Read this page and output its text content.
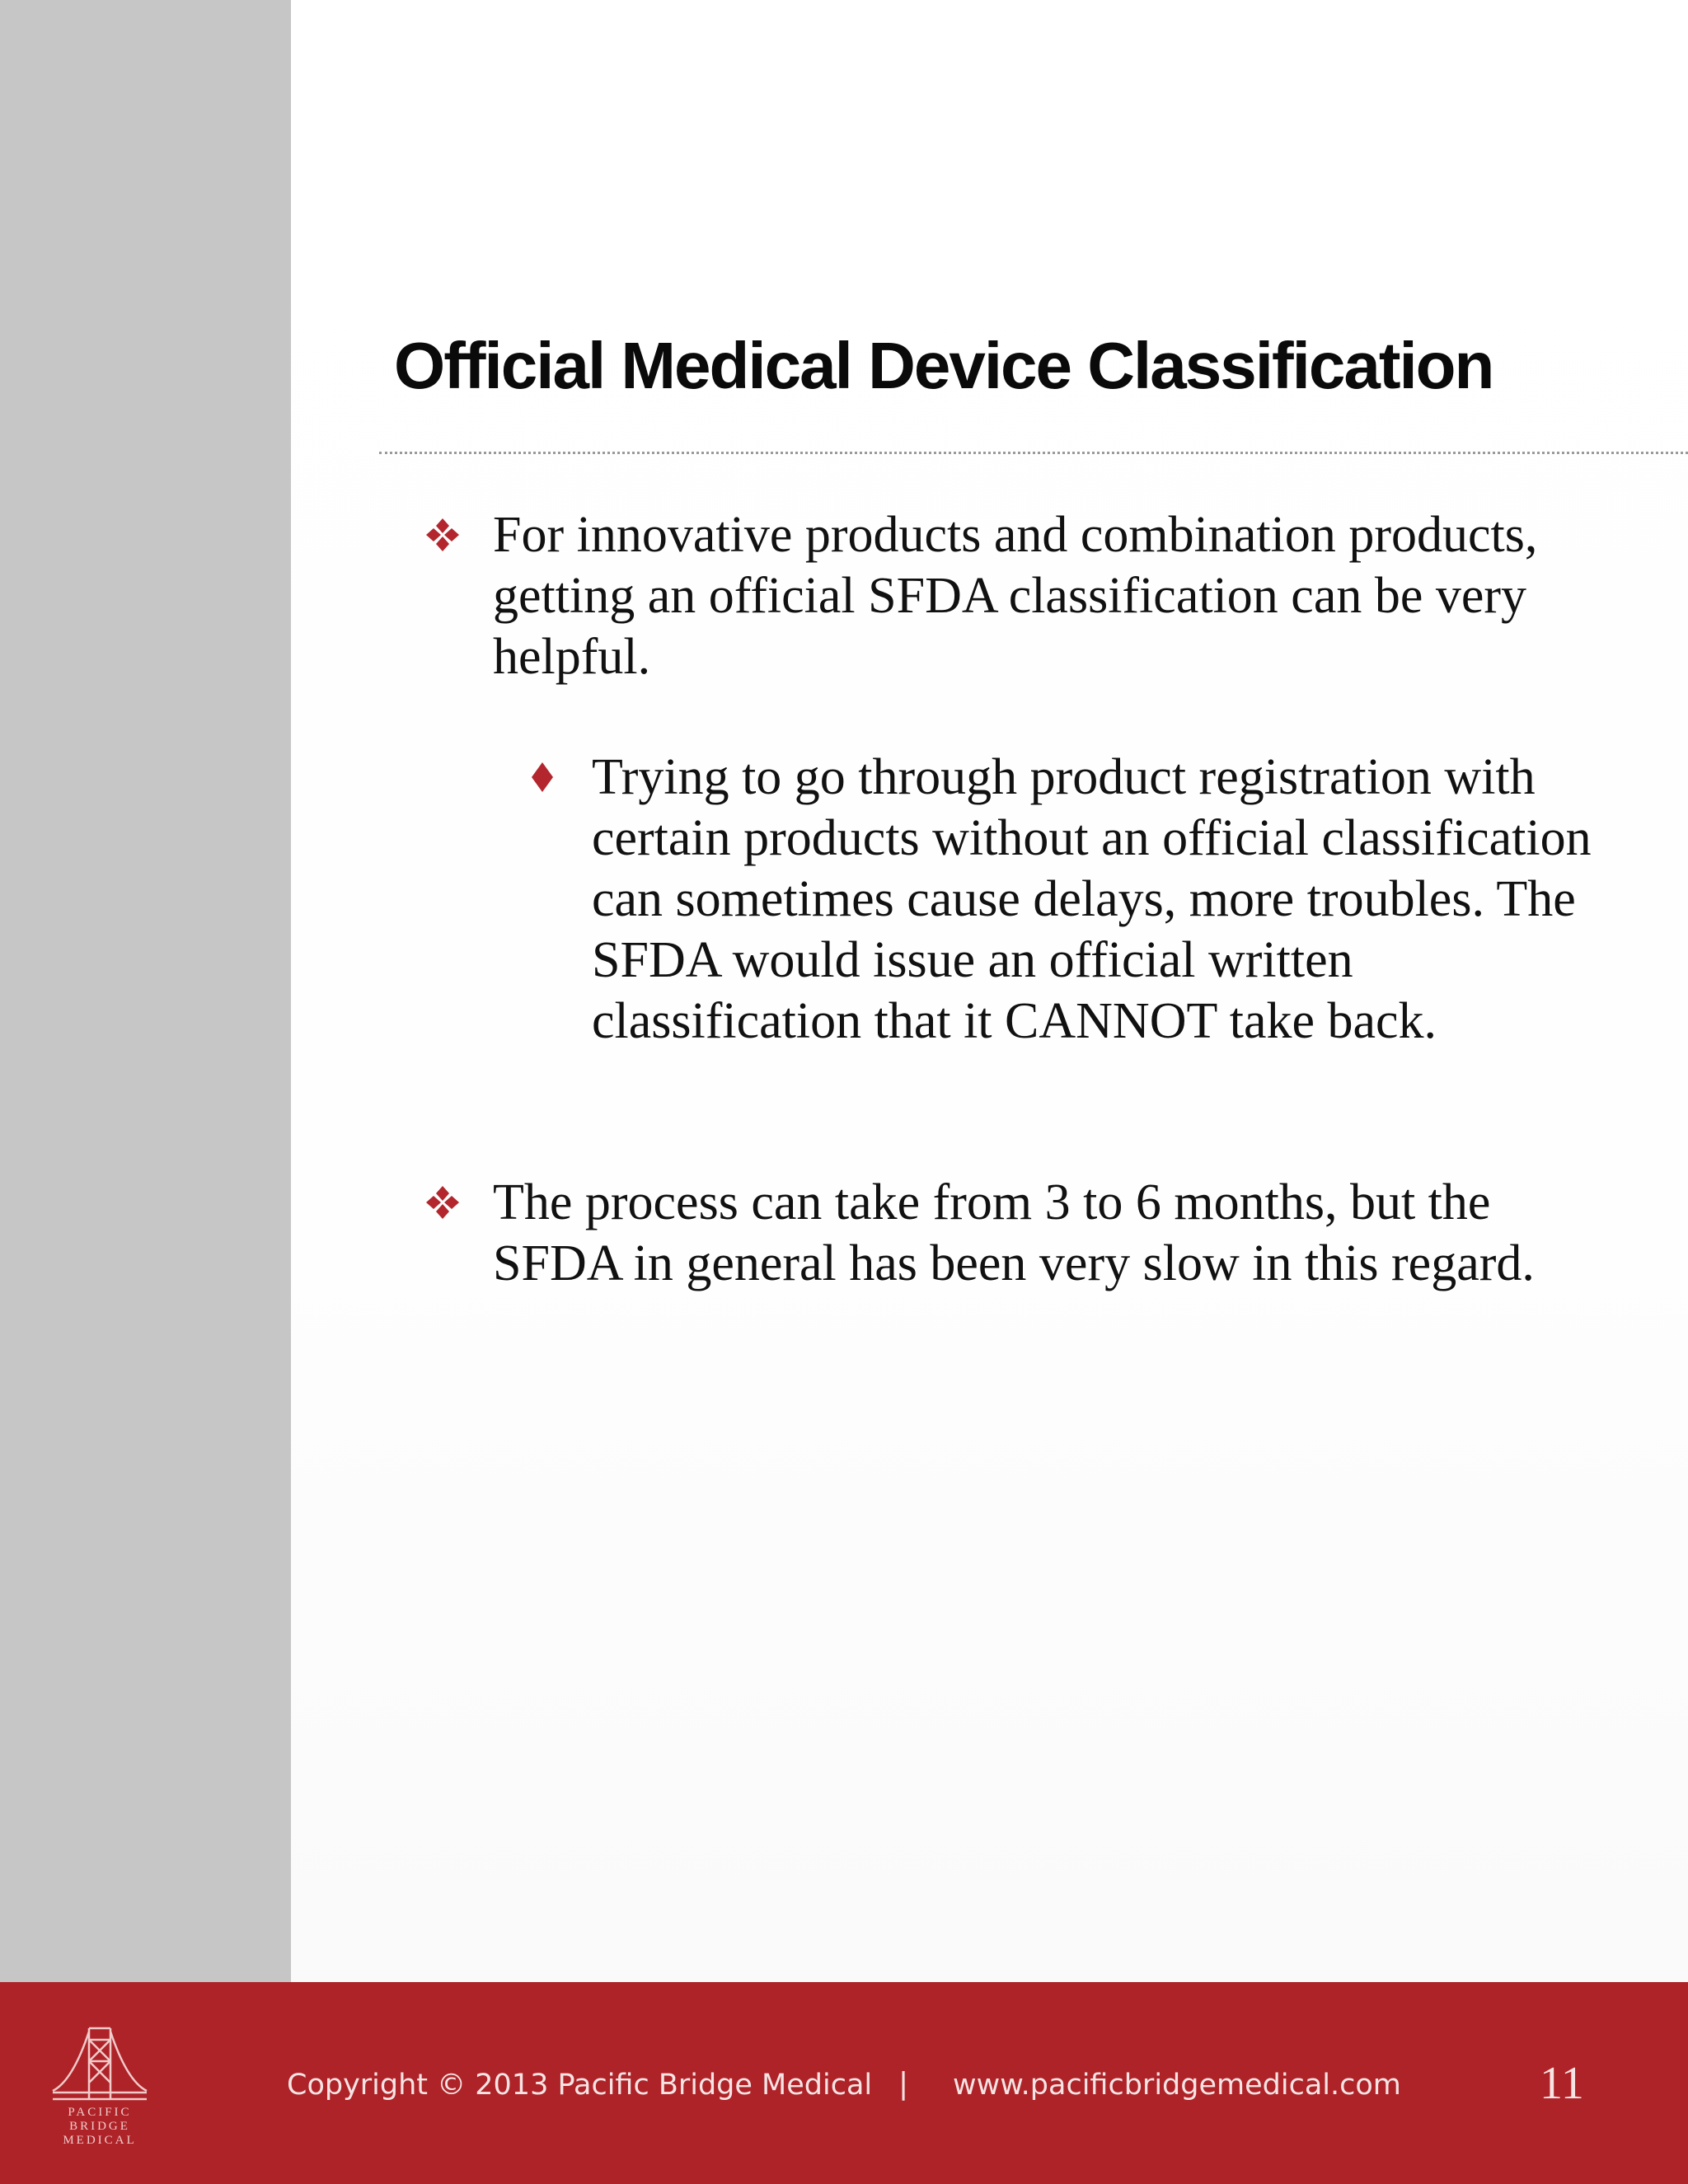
Official Medical Device Classification

For innovative products and combination products, getting an official SFDA classification can be very helpful.

Trying to go through product registration with certain products without an official classification can sometimes cause delays, more troubles. The SFDA would issue an official written classification that it CANNOT take back.

The process can take from 3 to 6 months, but the SFDA in general has been very slow in this regard.

PACIFIC
BRIDGE
MEDICAL
Copyright © 2013 Pacific Bridge Medical | www.pacificbridgemedical.com	11
